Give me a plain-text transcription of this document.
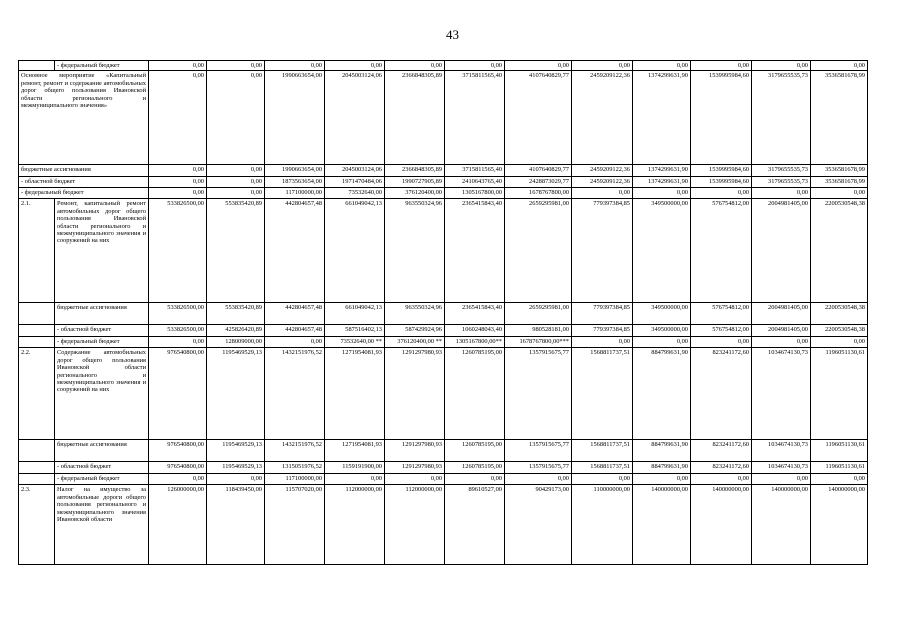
43
	- федеральный бюджет	0,00	0,00	0,00	0,00	0,00	0,00	0,00	0,00	0,00	0,00	0,00	0,00
Основное мероприятие «Капитальный ремонт, ремонт и содержание автомобильных дорог общего пользования Ивановской области регионального и межмуниципального значения»		0,00	0,00	1990663654,00	2045003124,06	2366848305,89	3715811565,40	4107640829,77	2459209122,36	1374299631,90	1539995984,60	3179655535,73	3536581678,99
бюджетные ассигнования		0,00	0,00	1990663654,00	2045003124,06	2366848305,89	3715811565,40	4107640829,77	2459209122,36	1374299631,90	1539995984,60	3179655535,73	3536581678,99
- областной бюджет		0,00	0,00	1873563654,00	1971470484,06	1990727905,89	2410643765,40	2428873029,77	2459209122,36	1374299631,90	1539995984,60	3179655535,73	3536581678,99
- федеральный бюджет		0,00	0,00	117100000,00	73532640,00	376120400,00	1305167800,00	1678767800,00	0,00	0,00	0,00	0,00	0,00
2.1.	Ремонт, капитальный ремонт автомобильных дорог общего пользования Ивановской области регионального и межмуниципального значения и сооружений на них	533826500,00	553835420,89	442804657,48	661049042,13	963550324,96	2365415843,40	2659295981,00	779397384,85	349500000,00	576754812,00	2004981405,00	2200530548,38
	бюджетные ассигнования	533826500,00	553835420,89	442804657,48	661049042,13	963550324,96	2365415843,40	2659295981,00	779397384,85	349500000,00	576754812,00	2004981405,00	2200530548,38
	- областной бюджет	533826500,00	425826420,89	442804657,48	587516402,13	587429924,96	1060248043,40	980528181,00	779397384,85	349500000,00	576754812,00	2004981405,00	2200530548,38
	- федеральный бюджет	0,00	128009000,00	0,00	73532640,00 **	376120400,00 **	1305167800,00**	1678767800,00***	0,00	0,00	0,00	0,00	0,00
2.2.	Содержание автомобильных дорог общего пользования Ивановской области регионального и межмуниципального значения и сооружений на них	976540800,00	1195469529,13	1432151976,52	1271954081,93	1291297980,93	1260785195,00	1357915675,77	1568811737,51	884799631,90	823241172,60	1034674130,73	1196051130,61
	бюджетные ассигнования	976540800,00	1195469529,13	1432151976,52	1271954081,93	1291297980,93	1260785195,00	1357915675,77	1568811737,51	884799631,90	823241172,60	1034674130,73	1196051130,61
	- областной бюджет	976540800,00	1195469529,13	1315051976,52	1159191900,00	1291297980,93	1260785195,00	1357915675,77	1568811737,51	884799631,90	823241172,60	1034674130,73	1196051130,61
	- федеральный бюджет	0,00	0,00	117100000,00	0,00	0,00	0,00	0,00	0,00	0,00	0,00	0,00	0,00
2.3.	Налог на имущество за автомобильные дороги общего пользования регионального и межмуниципального значения Ивановской области	126000000,00	118439450,00	115707020,00	112000000,00	112000000,00	89610527,00	90429173,00	110000000,00	140000000,00	140000000,00	140000000,00	140000000,00
